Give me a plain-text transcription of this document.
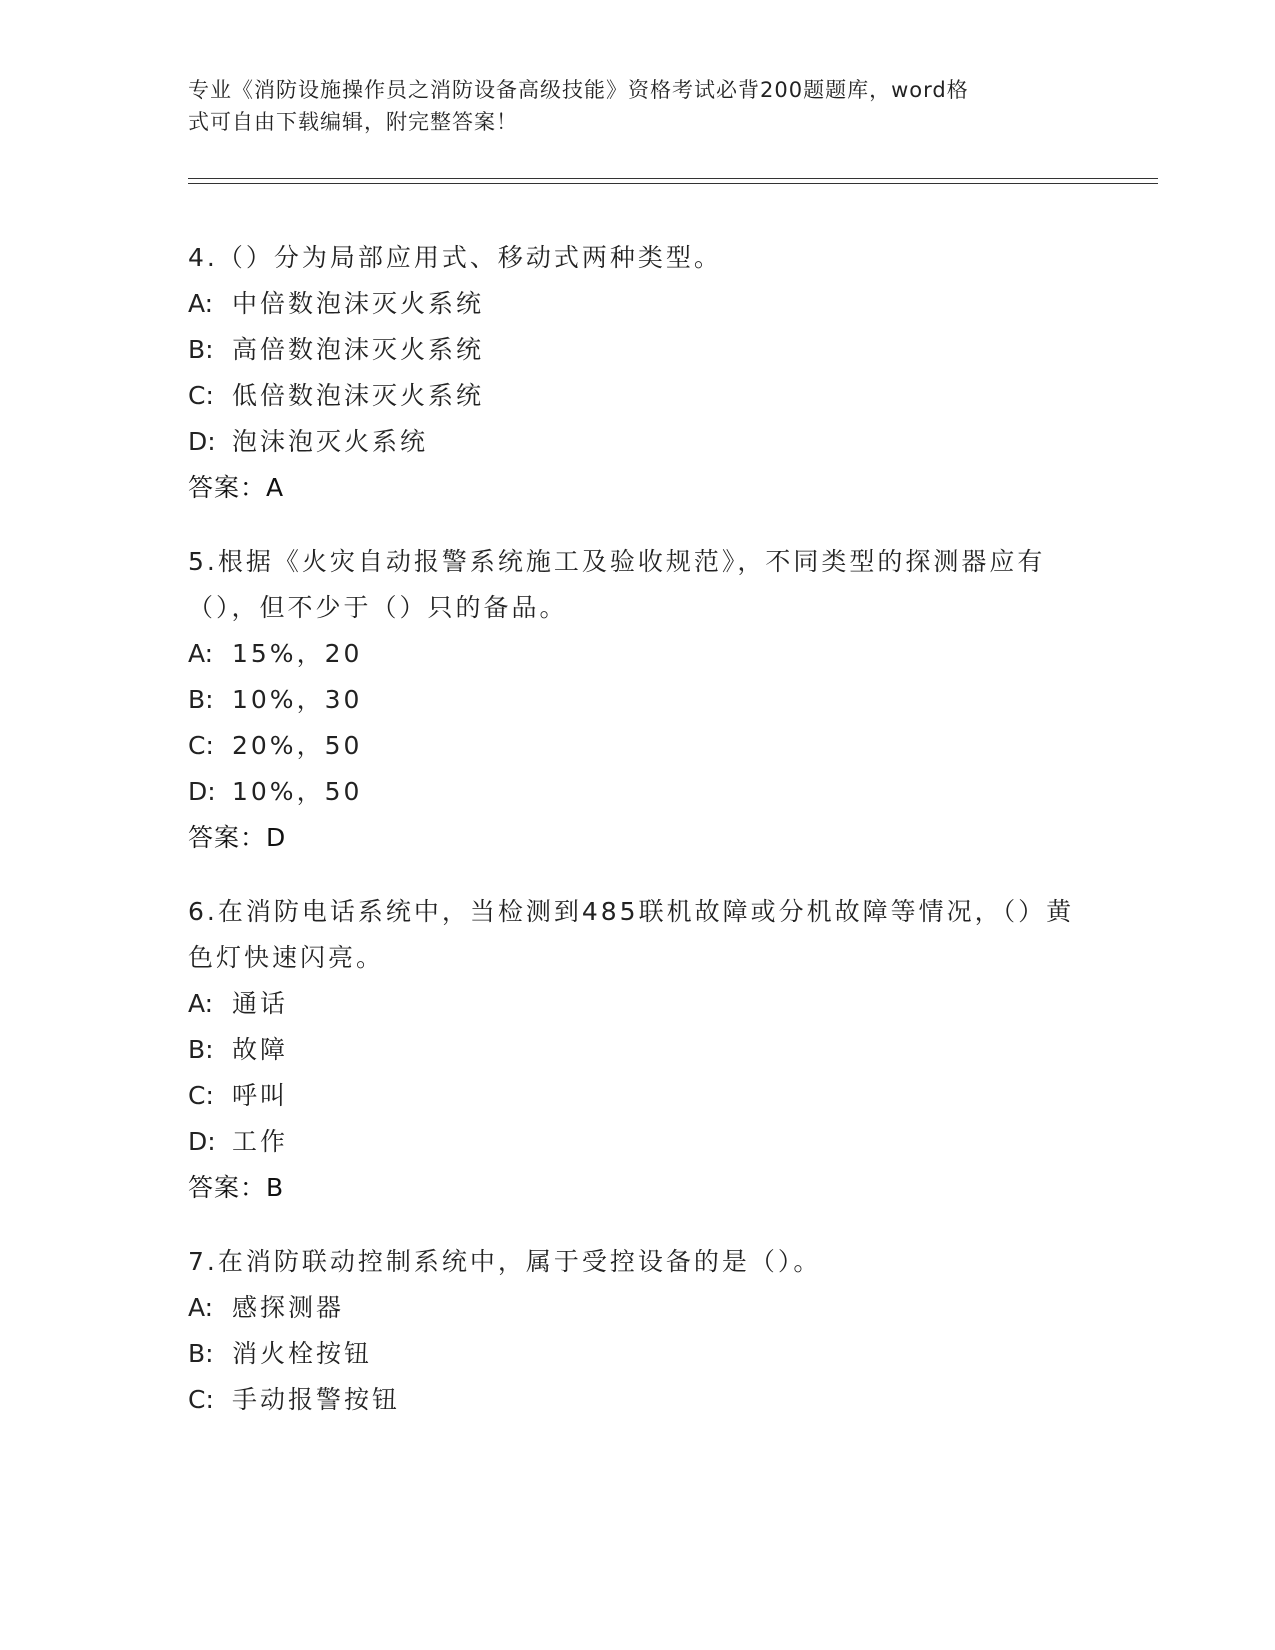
专业《消防设施操作员之消防设备高级技能》资格考试必背200题题库，word格
式可自由下载编辑，附完整答案！
4.（）分为局部应用式、移动式两种类型。
A: 中倍数泡沫灭火系统
B: 高倍数泡沫灭火系统
C: 低倍数泡沫灭火系统
D: 泡沫泡灭火系统
答案：A
5.根据《火灾自动报警系统施工及验收规范》，不同类型的探测器应有（），但不少于（）只的备品。
A: 15%，20
B: 10%，30
C: 20%，50
D: 10%，50
答案：D
6.在消防电话系统中，当检测到485联机故障或分机故障等情况，（）黄色灯快速闪亮。
A: 通话
B: 故障
C: 呼叫
D: 工作
答案：B
7.在消防联动控制系统中，属于受控设备的是（）。
A: 感探测器
B: 消火栓按钮
C: 手动报警按钮
